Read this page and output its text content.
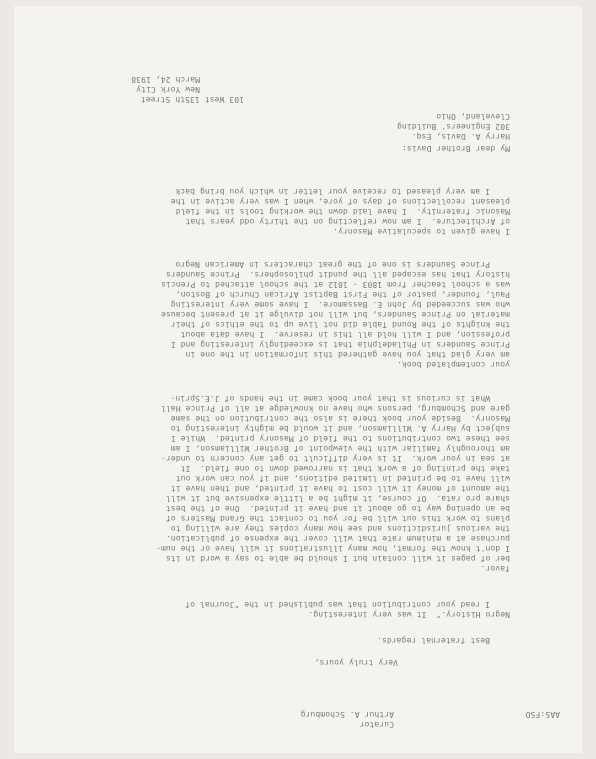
103 West 135th Street
New York City
March 24, 1938
Harry A. Davis, Esq.
302 Engineers' Building
Cleveland, Ohio
My dear Brother Davis:
I am very pleased to receive your letter in which you bring back
pleasant recollections of days of yore, when I was very active in the
Masonic fraternity.  I have laid down the working tools in the field
of Architecture.  I am now reflecting on the thirty odd years that
I have given to speculative Masonry.
Prince Saunders is one of the great characters in American Negro
history that has escaped all the pundit philosophers.  Prince Saunders
was a school teacher from 1803 - 1812 at the school attached to Prencis
Paul, founder, pastor of the First Baptist African Church of Boston,
who was succeeded by John E. Bassamore.  I have some very interesting
material on Prince Saunders, but will not divulge it at present because
the knights of the Round Table did not live up to the ethics of their
profession, and I will hold all this in reserve.  I have data about
Prince Saunders in Philadelphia that is exceedingly interesting and I
am very glad that you have gathered this information in the one in
your contemplated book.
What is curious is that your book came in the hands of J.E.Sprin-
gare and Schomburg, persons who have no knowledge at all of Prince Hall
Masonry.  Beside your book there is also the contribution on the same
subject by Harry A. Williamson, and it would be mighty interesting to
see these two contributions to the field of Masonry printed.  While I
am thoroughly familiar with the viewpoint of Brother Williamson, I am
at sea in your work.  It is very difficult to get any concern to under-
take the printing of a work that is narrowed down to one field.  It
will have to be printed in limited editions, and if you can work out
the amount of money it will cost to have it printed, and then have it
share pro rata.  Of course, it might be a little expensive but it will
be an opening way to go about it and have it printed.  One of the best
plans to work this out will be for you to contact the Grand Masters of
the various jurisdictions and see how many copies they are willing to
purchase at a minimum rate that will cover the expense of publication.
I don't know the format, how many illustrations it will have or the num-
ber of pages it will contain but I should be able to say a word in its
favor.
I read your contribution that was published in the "Journal of
Negro History."  It was very interesting.
Best fraternal regards.
Very truly yours,
Arthur A. Schomburg
Curator
AAS:FSO
